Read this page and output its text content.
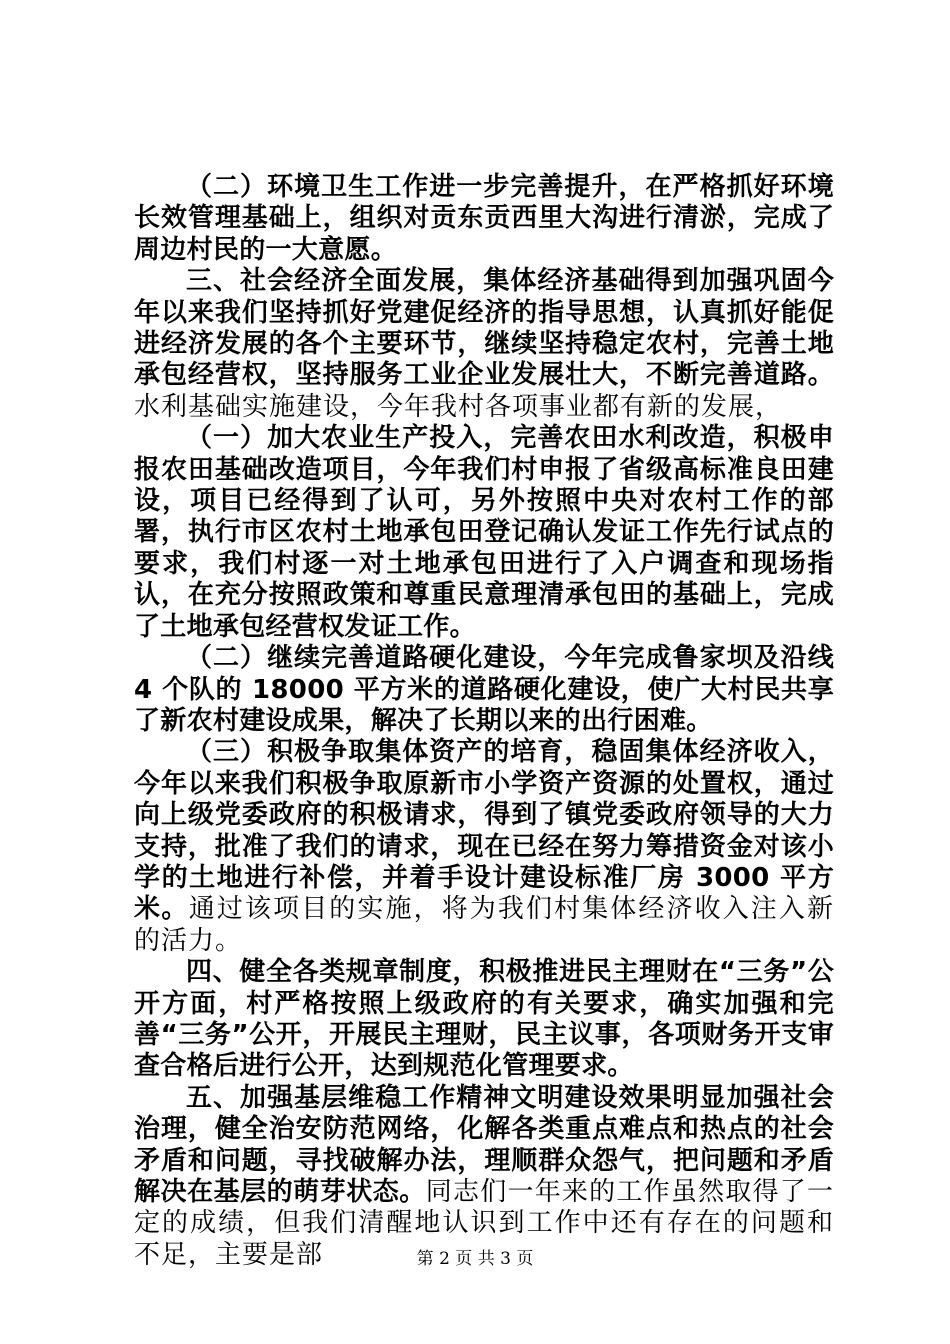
（二）环境卫生工作进一步完善提升，在严格抓好环境长效管理基础上，组织对贡东贡西里大沟进行清淤，完成了周边村民的一大意愿。

三、社会经济全面发展，集体经济基础得到加强巩固今年以来我们坚持抓好党建促经济的指导思想，认真抓好能促进经济发展的各个主要环节，继续坚持稳定农村，完善土地承包经营权，坚持服务工业企业发展壮大，不断完善道路。水利基础实施建设，今年我村各项事业都有新的发展，

（一）加大农业生产投入，完善农田水利改造，积极申报农田基础改造项目，今年我们村申报了省级高标准良田建设，项目已经得到了认可，另外按照中央对农村工作的部署，执行市区农村土地承包田登记确认发证工作先行试点的要求，我们村逐一对土地承包田进行了入户调查和现场指认，在充分按照政策和尊重民意理清承包田的基础上，完成了土地承包经营权发证工作。

（二）继续完善道路硬化建设，今年完成鲁家坝及沿线 4 个队的 18000 平方米的道路硬化建设，使广大村民共享了新农村建设成果，解决了长期以来的出行困难。

（三）积极争取集体资产的培育，稳固集体经济收入，今年以来我们积极争取原新市小学资产资源的处置权，通过向上级党委政府的积极请求，得到了镇党委政府领导的大力支持，批准了我们的请求，现在已经在努力筹措资金对该小学的土地进行补偿，并着手设计建设标准厂房 3000 平方米。通过该项目的实施，将为我们村集体经济收入注入新的活力。

四、健全各类规章制度，积极推进民主理财在“三务”公开方面，村严格按照上级政府的有关要求，确实加强和完善“三务”公开，开展民主理财，民主议事，各项财务开支审查合格后进行公开，达到规范化管理要求。

五、加强基层维稳工作精神文明建设效果明显加强社会治理，健全治安防范网络，化解各类重点难点和热点的社会矛盾和问题，寻找破解办法，理顺群众怨气，把问题和矛盾解决在基层的萌芽状态。同志们一年来的工作虽然取得了一定的成绩，但我们清醒地认识到工作中还有存在的问题和不足，主要是部	第 2 页 共 3 页
